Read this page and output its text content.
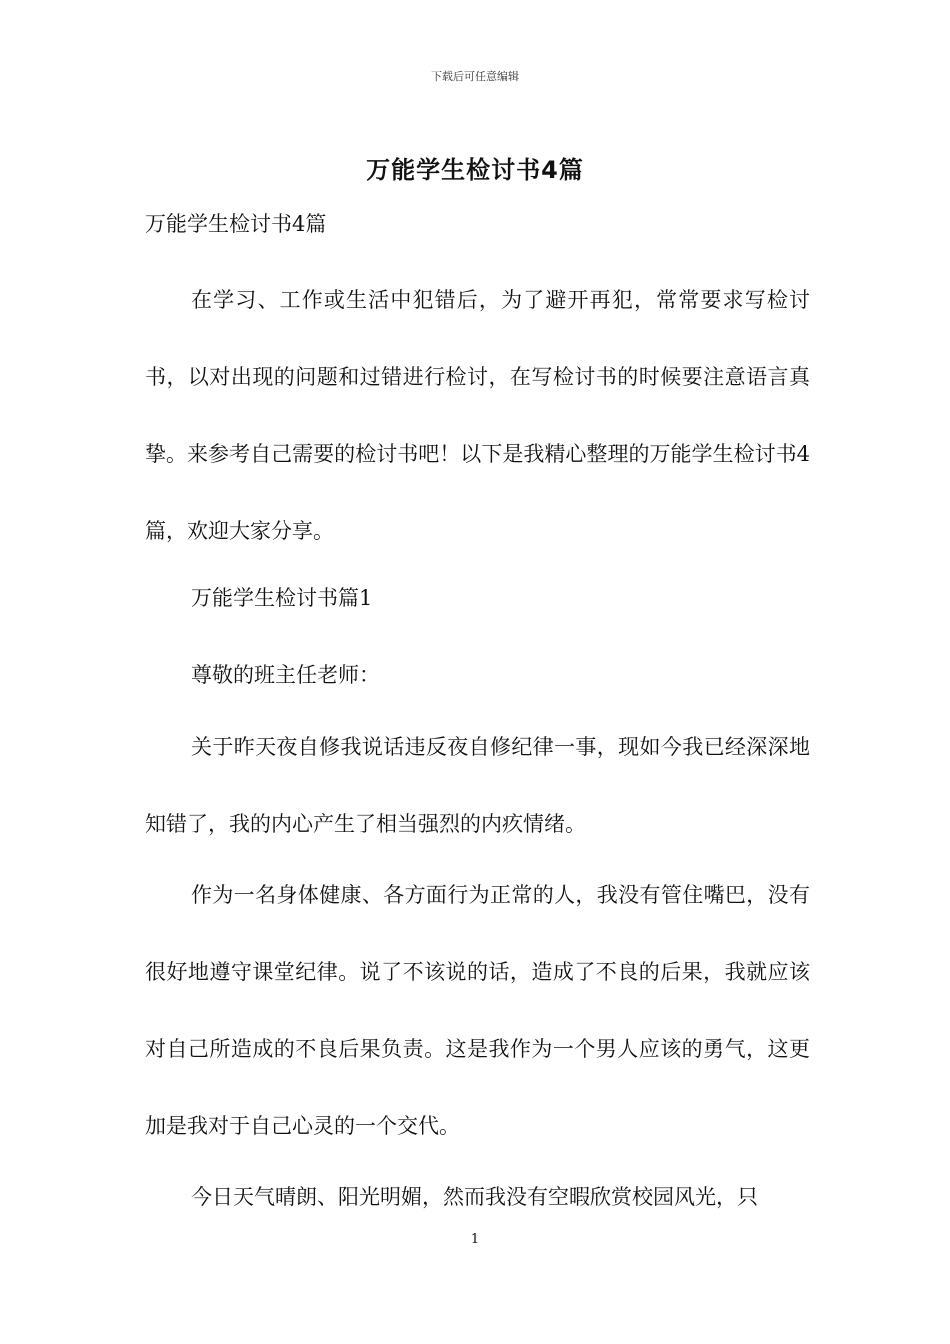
下载后可任意编辑
万能学生检讨书4篇
万能学生检讨书4篇
在学习、工作或生活中犯错后，为了避开再犯，常常要求写检讨书，以对出现的问题和过错进行检讨，在写检讨书的时候要注意语言真挚。来参考自己需要的检讨书吧！以下是我精心整理的万能学生检讨书4篇，欢迎大家分享。
万能学生检讨书篇1
尊敬的班主任老师：
关于昨天夜自修我说话违反夜自修纪律一事，现如今我已经深深地知错了，我的内心产生了相当强烈的内疚情绪。
作为一名身体健康、各方面行为正常的人，我没有管住嘴巴，没有很好地遵守课堂纪律。说了不该说的话，造成了不良的后果，我就应该对自己所造成的不良后果负责。这是我作为一个男人应该的勇气，这更加是我对于自己心灵的一个交代。
今日天气晴朗、阳光明媚，然而我没有空暇欣赏校园风光，只
1
